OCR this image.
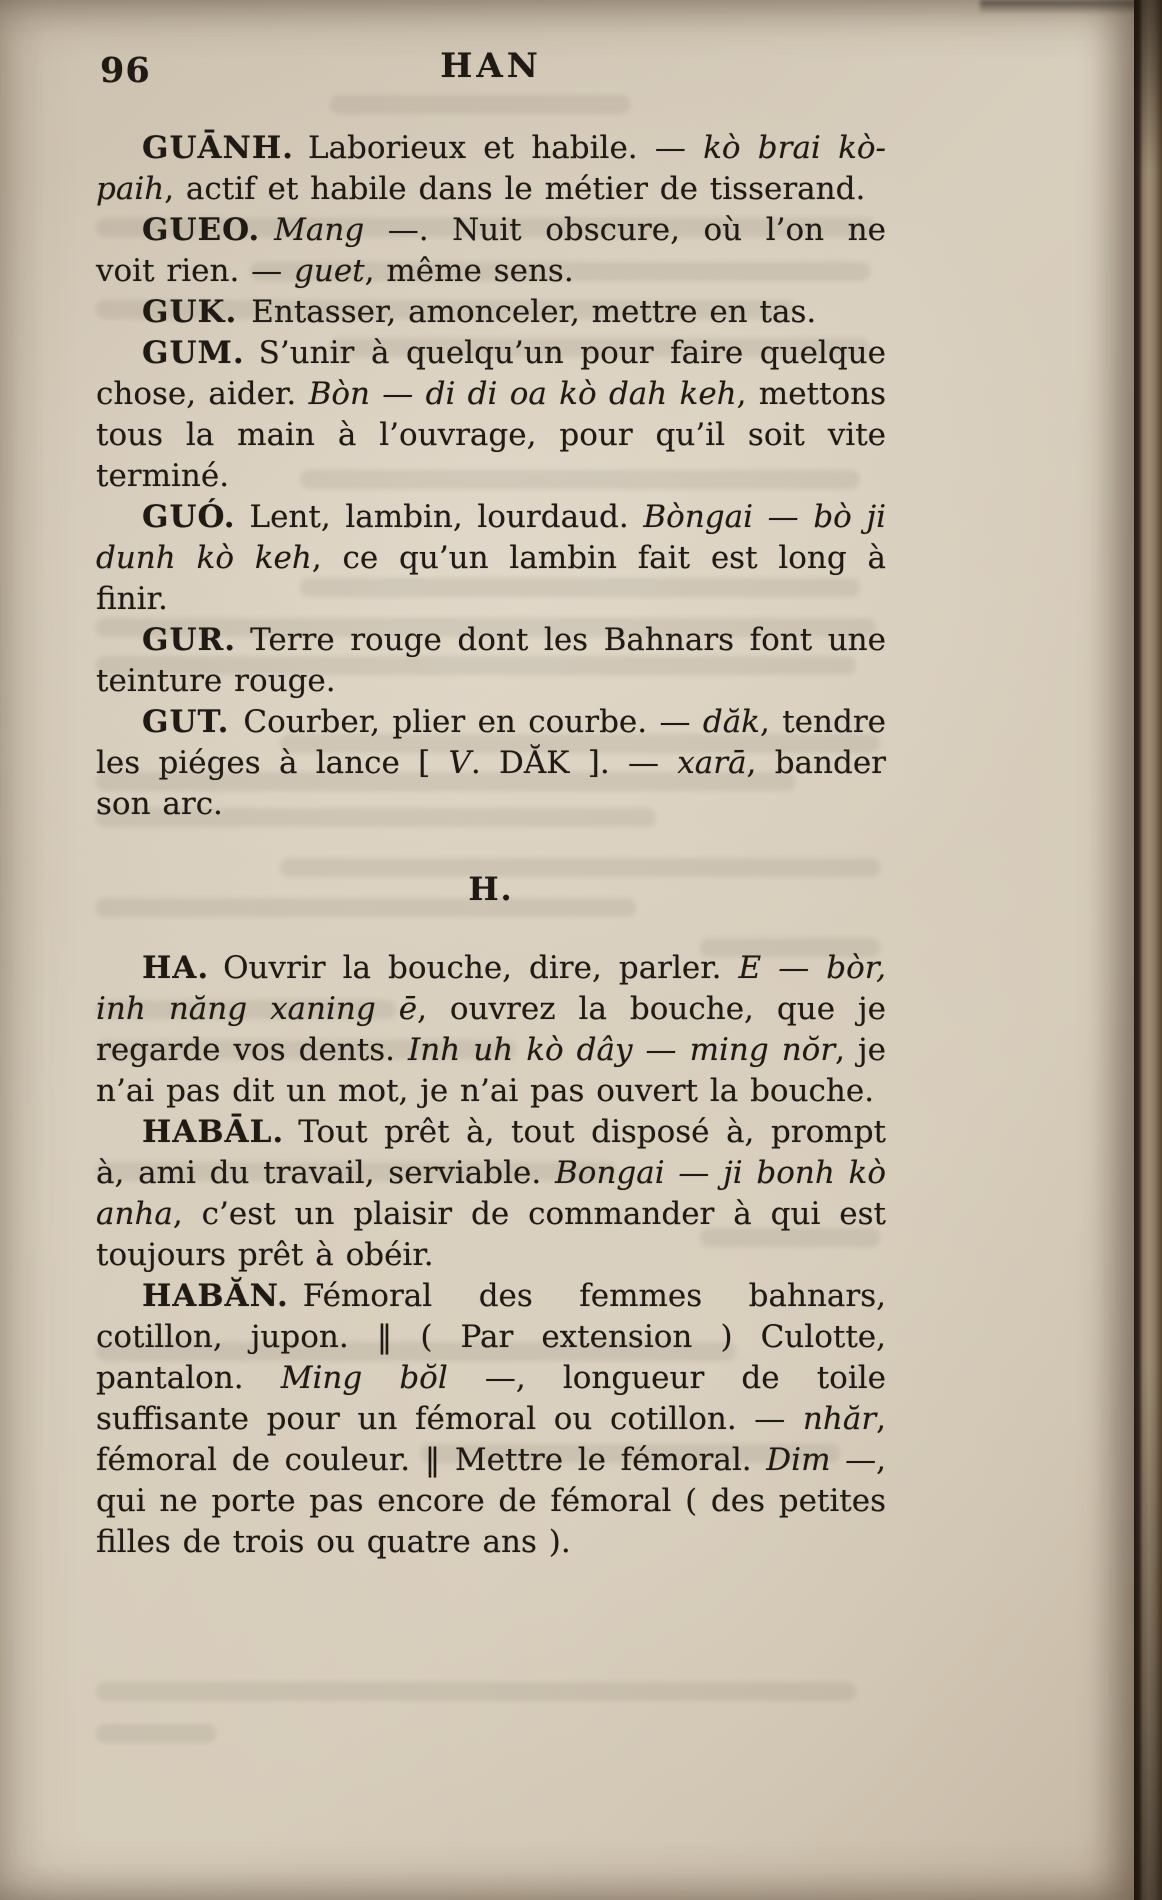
96	HAN

GUĀNH. Laborieux et habile. — kò brai kò-paih, actif et habile dans le métier de tisserand.

GUEO. Mang —. Nuit obscure, où l’on ne voit rien. — guet, même sens.

GUK. Entasser, amonceler, mettre en tas.

GUM. S’unir à quelqu’un pour faire quelque chose, aider. Bòn — di di oa kò dah keh, mettons tous la main à l’ouvrage, pour qu’il soit vite terminé.

GUÓ. Lent, lambin, lourdaud. Bòngai — bò ji dunh kò keh, ce qu’un lambin fait est long à finir.

GUR. Terre rouge dont les Bahnars font une teinture rouge.

GUT. Courber, plier en courbe. — dăk, tendre les piéges à lance [ V. DĂK ]. — xarā, bander son arc.

H.

HA. Ouvrir la bouche, dire, parler. E — bòr, inh năng xaning ē, ouvrez la bouche, que je regarde vos dents. Inh uh kò dây — ming nŏr, je n’ai pas dit un mot, je n’ai pas ouvert la bouche.

HABĀL. Tout prêt à, tout disposé à, prompt à, ami du travail, serviable. Bongai — ji bonh kò anha, c’est un plaisir de commander à qui est toujours prêt à obéir.

HABĂN. Fémoral des femmes bahnars, cotillon, jupon. ‖ ( Par extension ) Culotte, pantalon. Ming bŏl —, longueur de toile suffisante pour un fémoral ou cotillon. — nhăr, fémoral de couleur. ‖ Mettre le fémoral. Dim —, qui ne porte pas encore de fémoral ( des petites filles de trois ou quatre ans ).
